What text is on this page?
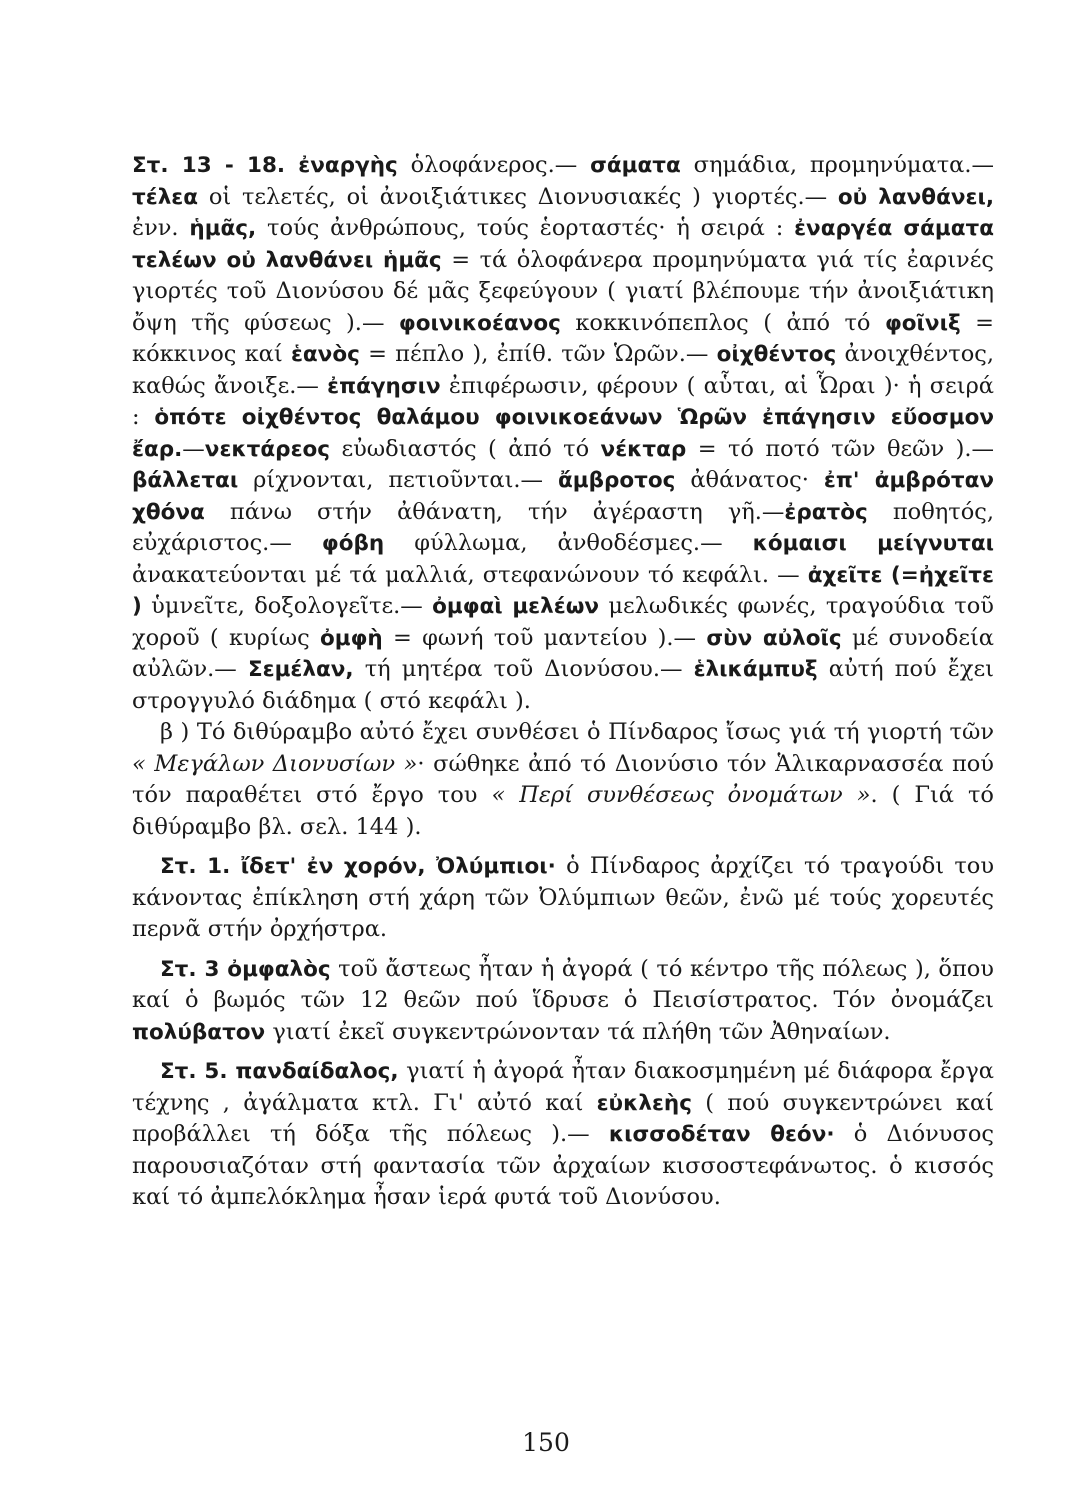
Στ. 13 - 18. ἐναργὴς ὁλοφάνερος.— σάματα σημάδια, προμηνύματα.— τέλεα οἱ τελετές, οἱ ἀνοιξιάτικες Διονυσιακές ) γιορτές.— οὐ λανθάνει, ἐνν. ἡμᾶς, τούς ἀνθρώπους, τούς ἑορταστές· ἡ σειρά : ἐναργέα σάματα τελέων οὐ λανθάνει ἡμᾶς = τά ὁλοφάνερα προμηνύματα γιά τίς ἐαρινές γιορτές τοῦ Διονύσου δέ μᾶς ξεφεύγουν ( γιατί βλέπουμε τήν ἀνοιξιάτικη ὄψη τῆς φύσεως ).— φοινικοέανος κοκκινόπεπλος ( ἀπό τό φοῖνιξ = κόκκινος καί ἑανὸς = πέπλο ), ἐπίθ. τῶν Ὡρῶν.— οἰχθέντος ἀνοιχθέντος, καθώς ἄνοιξε.— ἐπάγησιν ἐπιφέρωσιν, φέρουν ( αὗται, αἱ Ὧραι )· ἡ σειρά : ὁπότε οἰχθέντος θαλάμου φοινικοεάνων Ὡρῶν ἐπάγησιν εὔοσμον ἔαρ.—νεκτάρεος εὐωδιαστός ( ἀπό τό νέκταρ = τό ποτό τῶν θεῶν ).— βάλλεται ρίχνονται, πετιοῦνται.— ἄμβροτος ἀθάνατος· ἐπ' ἀμβρόταν χθόνα πάνω στήν ἀθάνατη, τήν ἀγέραστη γῆ.—ἐρατὸς ποθητός, εὐχάριστος.— φόβη φύλλωμα, ἀνθοδέσμες.— κόμαισι μείγνυται ἀνακατεύονται μέ τά μαλλιά, στεφανώνουν τό κεφάλι. — ἀχεῖτε (=ἠχεῖτε ) ὑμνεῖτε, δοξολογεῖτε.— ὀμφαὶ μελέων μελωδικές φωνές, τραγούδια τοῦ χοροῦ ( κυρίως ὀμφὴ = φωνή τοῦ μαντείου ).— σὺν αὐλοῖς μέ συνοδεία αὐλῶν.— Σεμέλαν, τή μητέρα τοῦ Διονύσου.— ἑλικάμπυξ αὐτή πού ἔχει στρογγυλό διάδημα ( στό κεφάλι ).

β ) Τό διθύραμβο αὐτό ἔχει συνθέσει ὁ Πίνδαρος ἴσως γιά τή γιορτή τῶν « Μεγάλων Διονυσίων »· σώθηκε ἀπό τό Διονύσιο τόν Ἁλικαρνασσέα πού τόν παραθέτει στό ἔργο του « Περί συνθέσεως ὀνομάτων ». ( Γιά τό διθύραμβο βλ. σελ. 144 ).

Στ. 1. ἴδετ' ἐν χορόν, Ὀλύμπιοι· ὁ Πίνδαρος ἀρχίζει τό τραγούδι του κάνοντας ἐπίκληση στή χάρη τῶν Ὀλύμπιων θεῶν, ἐνῶ μέ τούς χορευτές περνᾶ στήν ὀρχήστρα.

Στ. 3 ὀμφαλὸς τοῦ ἄστεως ἦταν ἡ ἀγορά ( τό κέντρο τῆς πόλεως ), ὅπου καί ὁ βωμός τῶν 12 θεῶν πού ἵδρυσε ὁ Πεισίστρατος. Τόν ὀνομάζει πολύβατον γιατί ἐκεῖ συγκεντρώνονταν τά πλήθη τῶν Ἀθηναίων.

Στ. 5. πανδαίδαλος, γιατί ἡ ἀγορά ἦταν διακοσμημένη μέ διάφορα ἔργα τέχνης , ἀγάλματα κτλ. Γι' αὐτό καί εὐκλεὴς ( πού συγκεντρώνει καί προβάλλει τή δόξα τῆς πόλεως ).— κισσοδέταν θεόν· ὁ Διόνυσος παρουσιαζόταν στή φαντασία τῶν ἀρχαίων κισσοστεφάνωτος. ὁ κισσός καί τό ἀμπελόκλημα ἦσαν ἱερά φυτά τοῦ Διονύσου.

150
